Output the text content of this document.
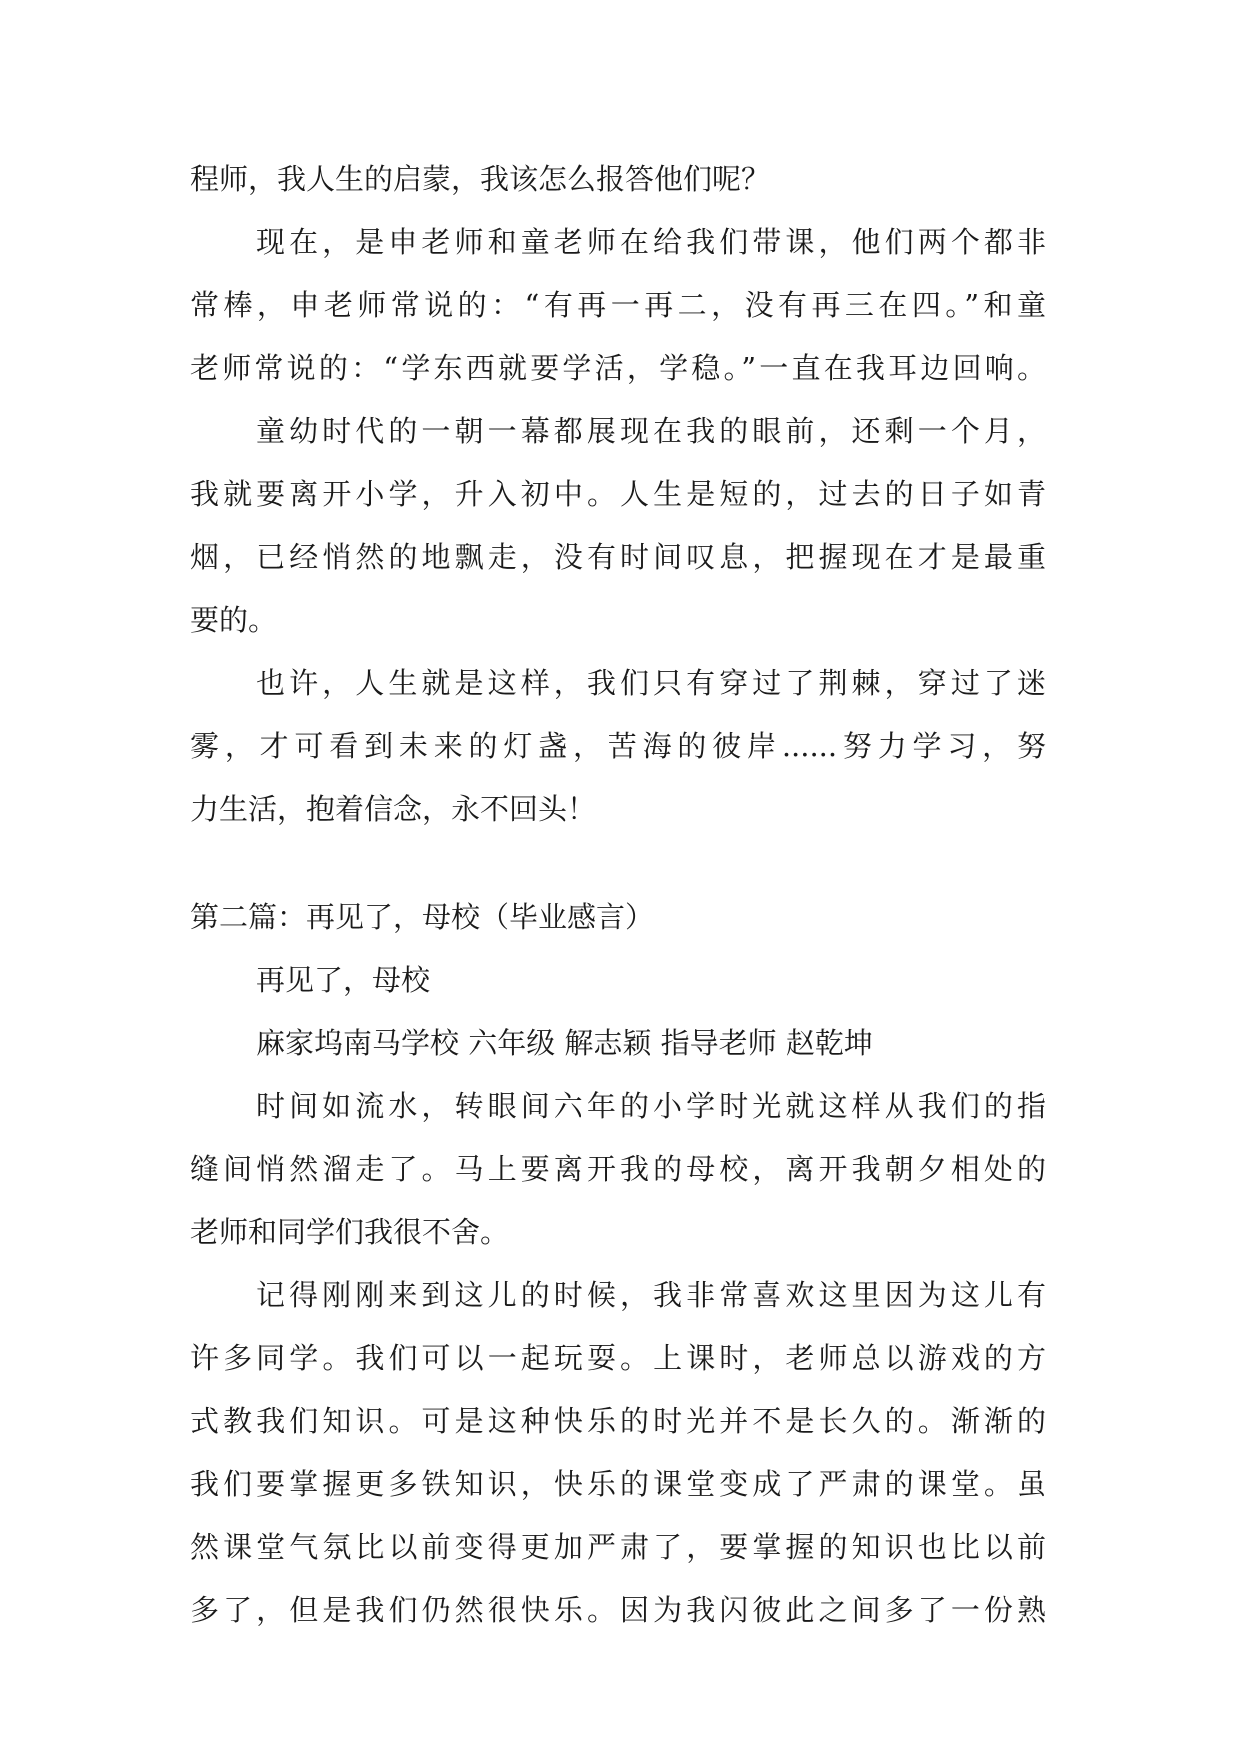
程师，我人生的启蒙，我该怎么报答他们呢？
现在，是申老师和童老师在给我们带课，他们两个都非
常棒，申老师常说的：“有再一再二，没有再三在四。”和童
老师常说的：“学东西就要学活，学稳。”一直在我耳边回响。
童幼时代的一朝一幕都展现在我的眼前，还剩一个月，
我就要离开小学，升入初中。人生是短的，过去的日子如青
烟，已经悄然的地飘走，没有时间叹息，把握现在才是最重
要的。
也许，人生就是这样，我们只有穿过了荆棘，穿过了迷
雾，才可看到未来的灯盏，苦海的彼岸......努力学习，努
力生活，抱着信念，永不回头！
第二篇：再见了，母校（毕业感言）
再见了，母校
麻家坞南马学校 六年级 解志颖 指导老师 赵乾坤
时间如流水，转眼间六年的小学时光就这样从我们的指
缝间悄然溜走了。马上要离开我的母校，离开我朝夕相处的
老师和同学们我很不舍。
记得刚刚来到这儿的时候，我非常喜欢这里因为这儿有
许多同学。我们可以一起玩耍。上课时，老师总以游戏的方
式教我们知识。可是这种快乐的时光并不是长久的。渐渐的
我们要掌握更多铁知识，快乐的课堂变成了严肃的课堂。虽
然课堂气氛比以前变得更加严肃了，要掌握的知识也比以前
多了，但是我们仍然很快乐。因为我闪彼此之间多了一份熟
